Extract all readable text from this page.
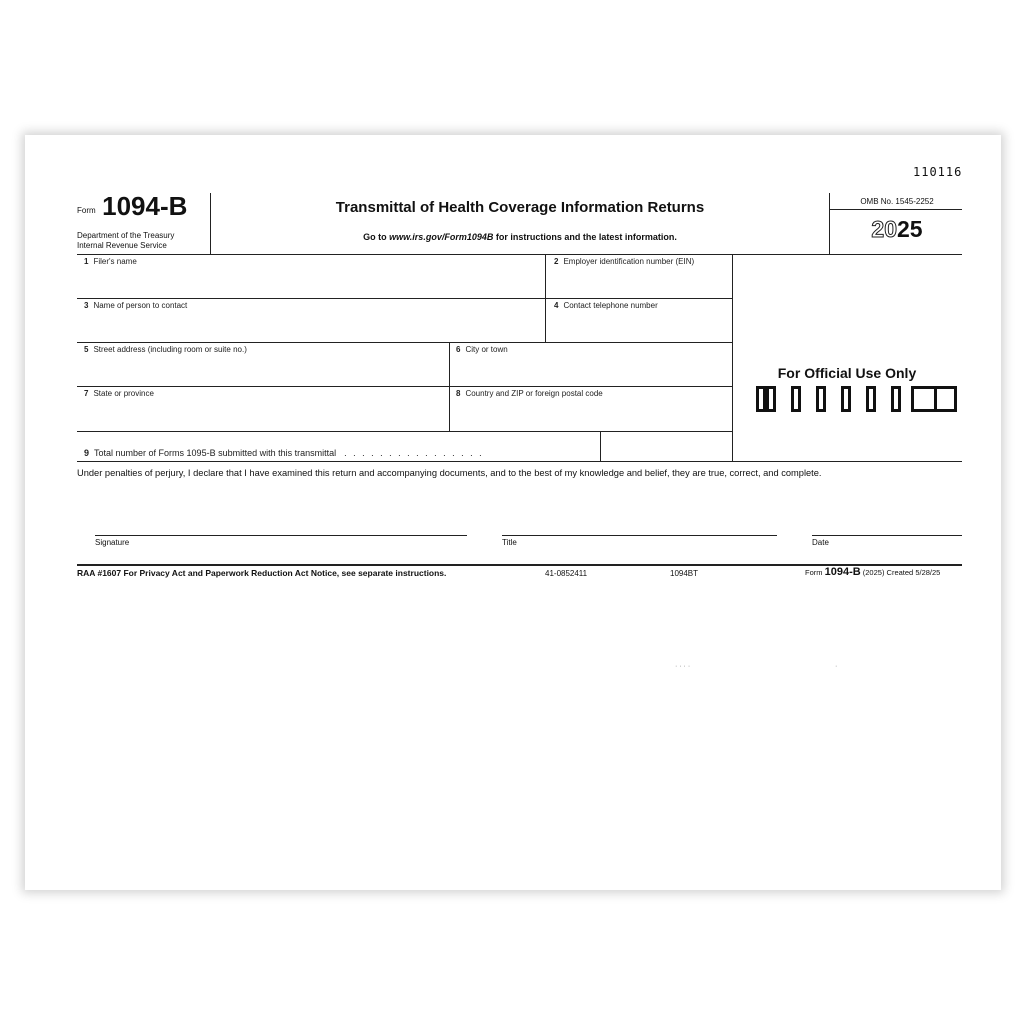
110116
Form 1094-B
Department of the Treasury
Internal Revenue Service
Transmittal of Health Coverage Information Returns
Go to www.irs.gov/Form1094B for instructions and the latest information.
OMB No. 1545-2252
2025
1 Filer's name	2 Employer identification number (EIN)
3 Name of person to contact	4 Contact telephone number
5 Street address (including room or suite no.)	6 City or town
7 State or province	8 Country and ZIP or foreign postal code
9 Total number of Forms 1095-B submitted with this transmittal . . . . . . . . . . . . . . . .
For Official Use Only
Under penalties of perjury, I declare that I have examined this return and accompanying documents, and to the best of my knowledge and belief, they are true, correct, and complete.
Signature	Title	Date
RAA #1607 For Privacy Act and Paperwork Reduction Act Notice, see separate instructions.	41-0852411	1094BT	Form 1094-B (2025) Created 5/28/25
· · · ·	·
